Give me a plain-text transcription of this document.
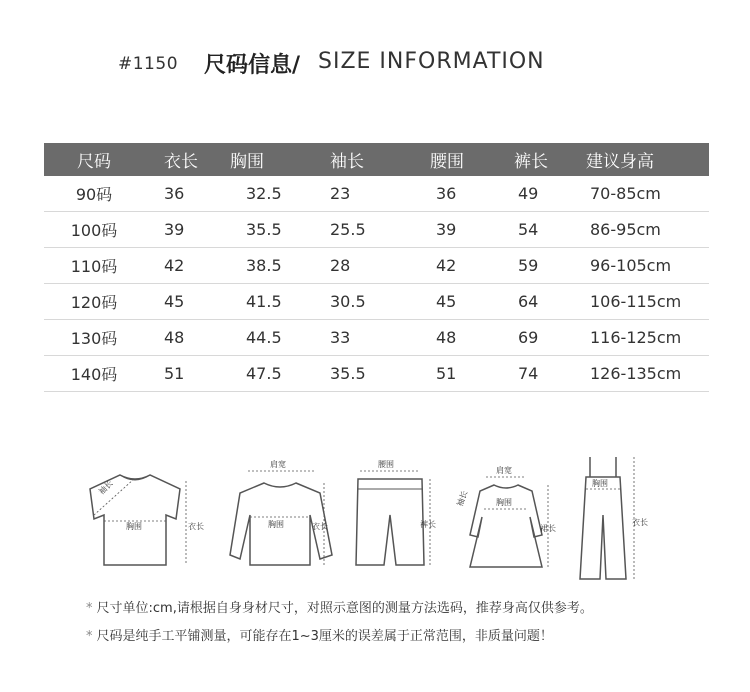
#1150 尺码信息/ SIZE INFORMATION
尺码	衣长	胸围	袖长	腰围	裤长	建议身高
90码	36	32.5	23	36	49	70-85cm
100码	39	35.5	25.5	39	54	86-95cm
110码	42	38.5	28	42	59	96-105cm
120码	45	41.5	30.5	45	64	106-115cm
130码	48	44.5	33	48	69	116-125cm
140码	51	47.5	35.5	51	74	126-135cm
袖长
胸围	衣长
肩宽
胸围	衣长
腰围
裤长
肩宽
袖长	胸围
裙长
胸围
衣长
* 尺寸单位:cm,请根据自身身材尺寸，对照示意图的测量方法选码，推荐身高仅供参考。
* 尺码是纯手工平铺测量，可能存在1~3厘米的误差属于正常范围，非质量问题！
